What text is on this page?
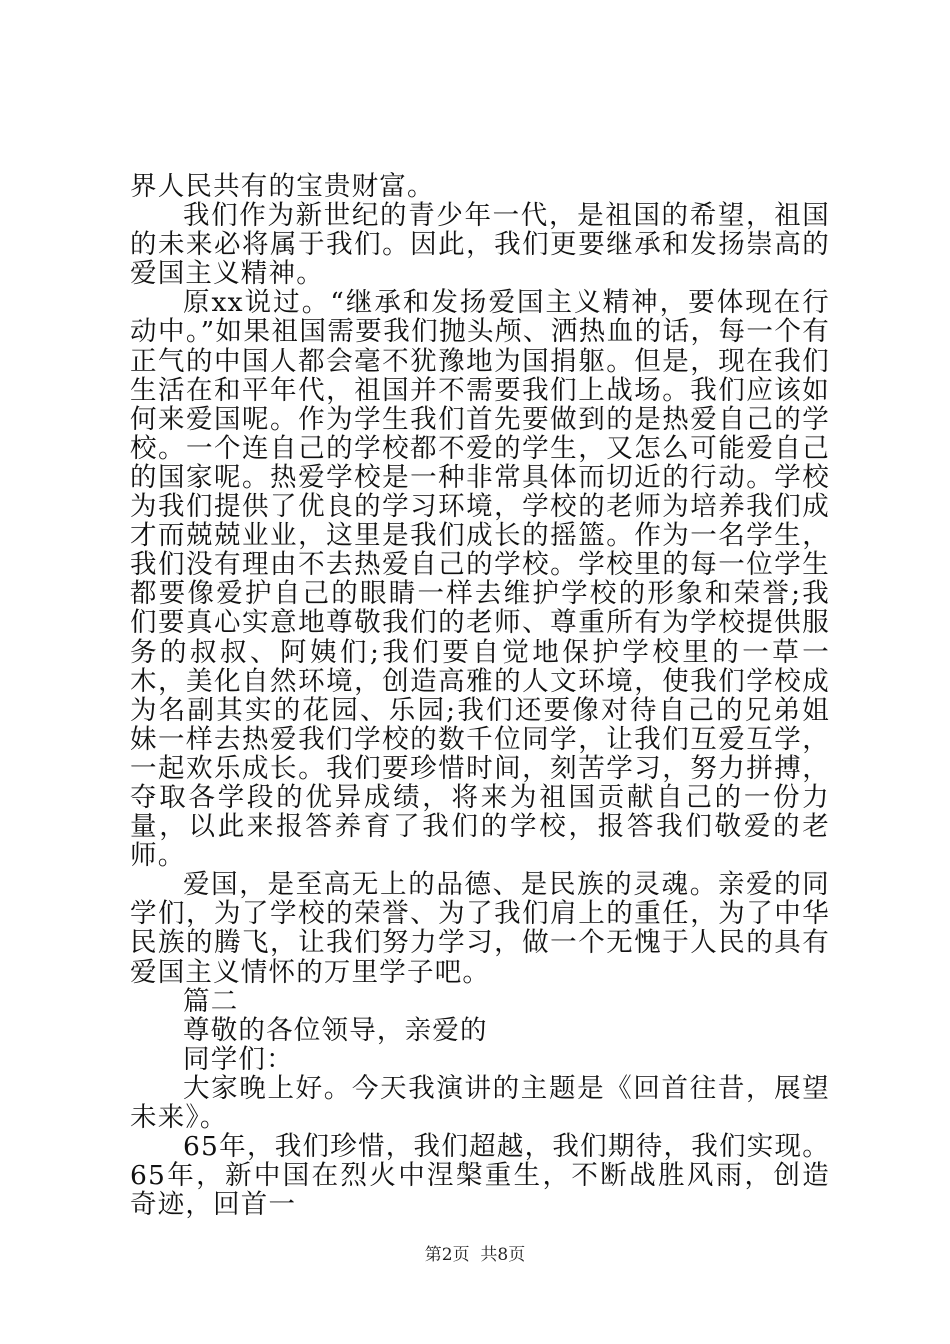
界人民共有的宝贵财富。

我们作为新世纪的青少年一代，是祖国的希望，祖国的未来必将属于我们。因此，我们更要继承和发扬崇高的爱国主义精神。

原xx说过。“继承和发扬爱国主义精神，要体现在行动中。”如果祖国需要我们抛头颅、洒热血的话，每一个有正气的中国人都会毫不犹豫地为国捐躯。但是，现在我们生活在和平年代，祖国并不需要我们上战场。我们应该如何来爱国呢。作为学生我们首先要做到的是热爱自己的学校。一个连自己的学校都不爱的学生，又怎么可能爱自己的国家呢。热爱学校是一种非常具体而切近的行动。学校为我们提供了优良的学习环境，学校的老师为培养我们成才而兢兢业业，这里是我们成长的摇篮。作为一名学生，我们没有理由不去热爱自己的学校。学校里的每一位学生都要像爱护自己的眼睛一样去维护学校的形象和荣誉;我们要真心实意地尊敬我们的老师、尊重所有为学校提供服务的叔叔、阿姨们;我们要自觉地保护学校里的一草一木，美化自然环境，创造高雅的人文环境，使我们学校成为名副其实的花园、乐园;我们还要像对待自己的兄弟姐妹一样去热爱我们学校的数千位同学，让我们互爱互学，一起欢乐成长。我们要珍惜时间，刻苦学习，努力拼搏，夺取各学段的优异成绩，将来为祖国贡献自己的一份力量，以此来报答养育了我们的学校，报答我们敬爱的老师。

爱国，是至高无上的品德、是民族的灵魂。亲爱的同学们，为了学校的荣誉、为了我们肩上的重任，为了中华民族的腾飞，让我们努力学习，做一个无愧于人民的具有爱国主义情怀的万里学子吧。

篇二

尊敬的各位领导，亲爱的

同学们：

大家晚上好。今天我演讲的主题是《回首往昔，展望未来》。

65年，我们珍惜，我们超越，我们期待，我们实现。65年，新中国在烈火中涅槃重生，不断战胜风雨，创造奇迹，回首一

第2页  共8页
